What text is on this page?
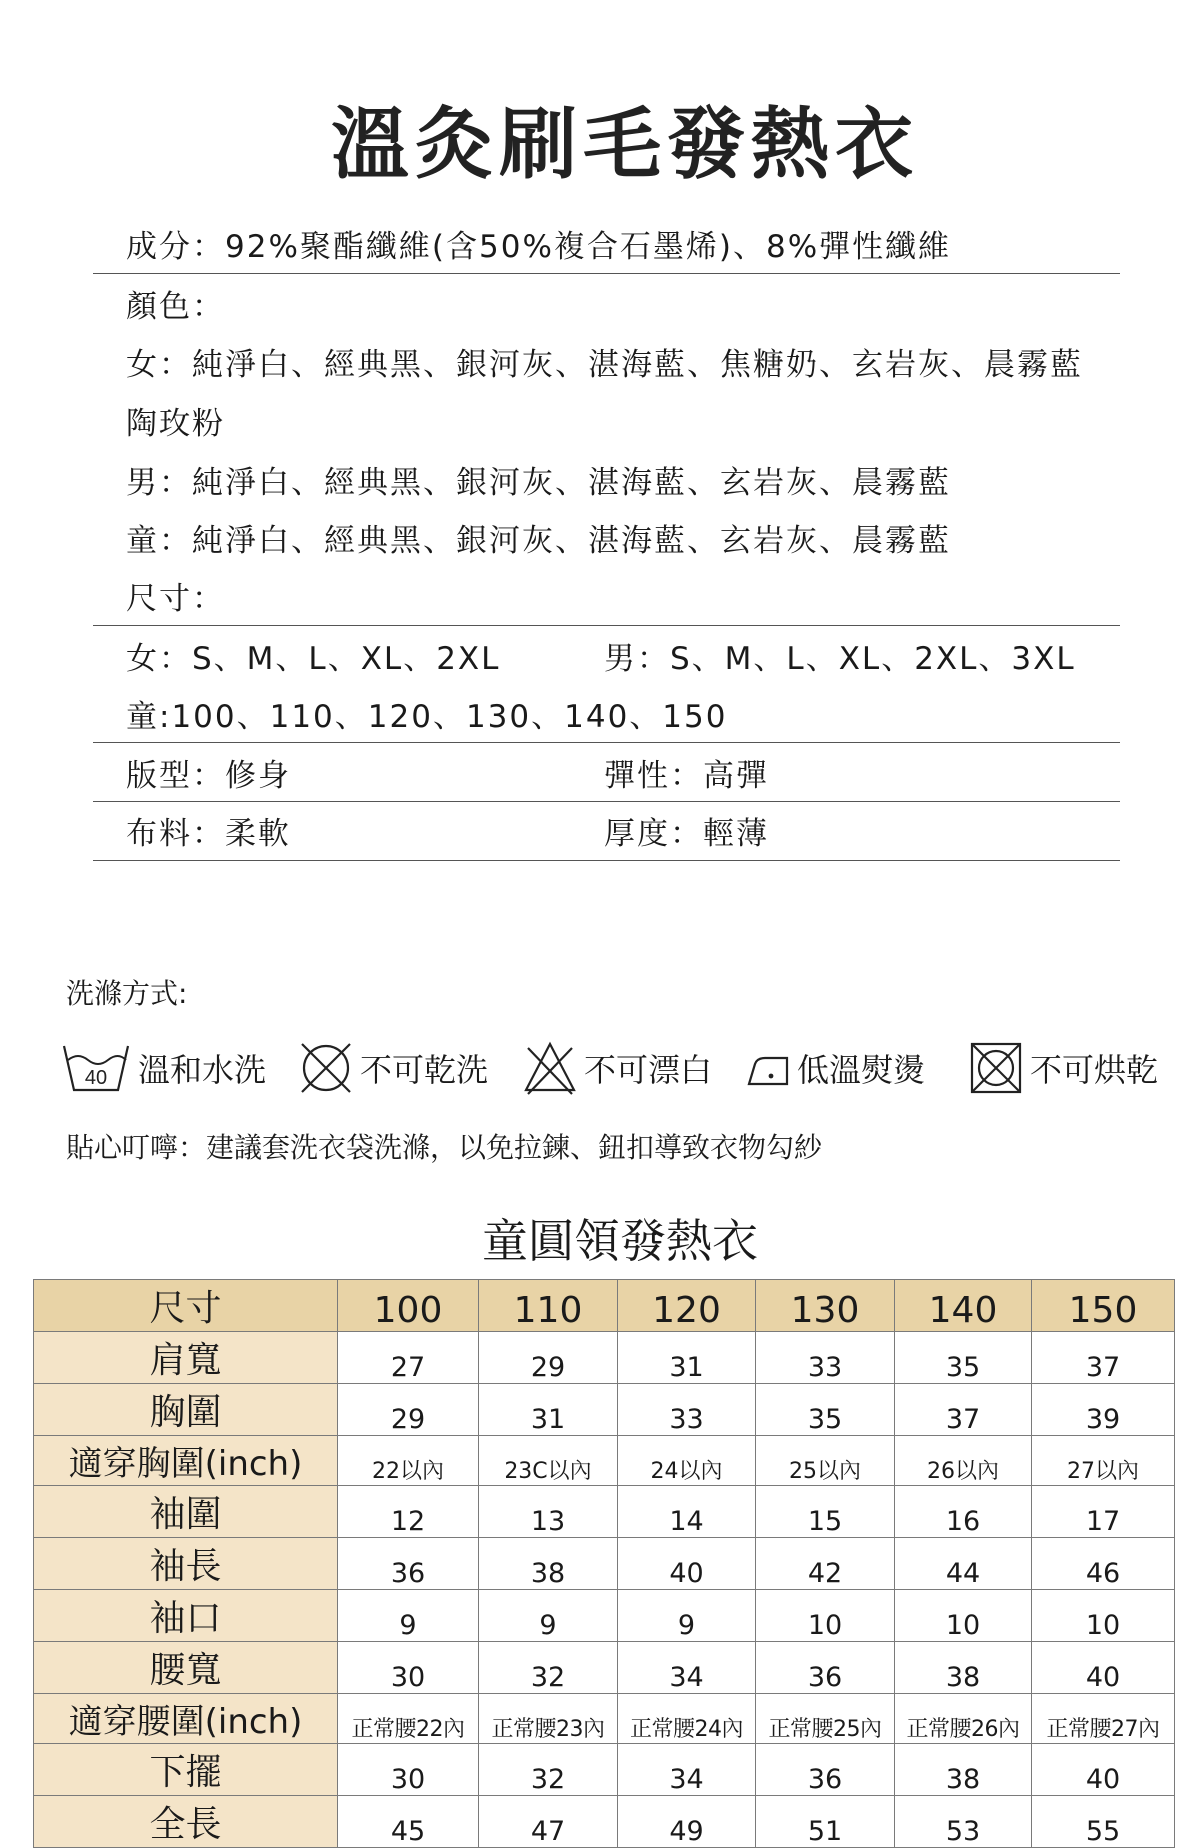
溫灸刷毛發熱衣
成分：92%聚酯纖維(含50%複合石墨烯)、8%彈性纖維
顏色：
女：純淨白、經典黑、銀河灰、湛海藍、焦糖奶、玄岩灰、晨霧藍
陶玫粉
男：純淨白、經典黑、銀河灰、湛海藍、玄岩灰、晨霧藍
童：純淨白、經典黑、銀河灰、湛海藍、玄岩灰、晨霧藍
尺寸：
女：S、M、L、XL、2XL	男：S、M、L、XL、2XL、3XL
童:100、110、120、130、140、150
版型：修身	彈性：高彈
布料：柔軟	厚度：輕薄
洗滌方式:
40 溫和水洗	不可乾洗	不可漂白	低溫熨燙	不可烘乾
貼心叮嚀：建議套洗衣袋洗滌，以免拉鍊、鈕扣導致衣物勾紗
童圓領發熱衣
尺寸	100	110	120	130	140	150
肩寬	27	29	31	33	35	37
胸圍	29	31	33	35	37	39
適穿胸圍(inch)	22以內	23C以內	24以內	25以內	26以內	27以內
袖圍	12	13	14	15	16	17
袖長	36	38	40	42	44	46
袖口	9	9	9	10	10	10
腰寬	30	32	34	36	38	40
適穿腰圍(inch)	正常腰22內	正常腰23內	正常腰24內	正常腰25內	正常腰26內	正常腰27內
下擺	30	32	34	36	38	40
全長	45	47	49	51	53	55
